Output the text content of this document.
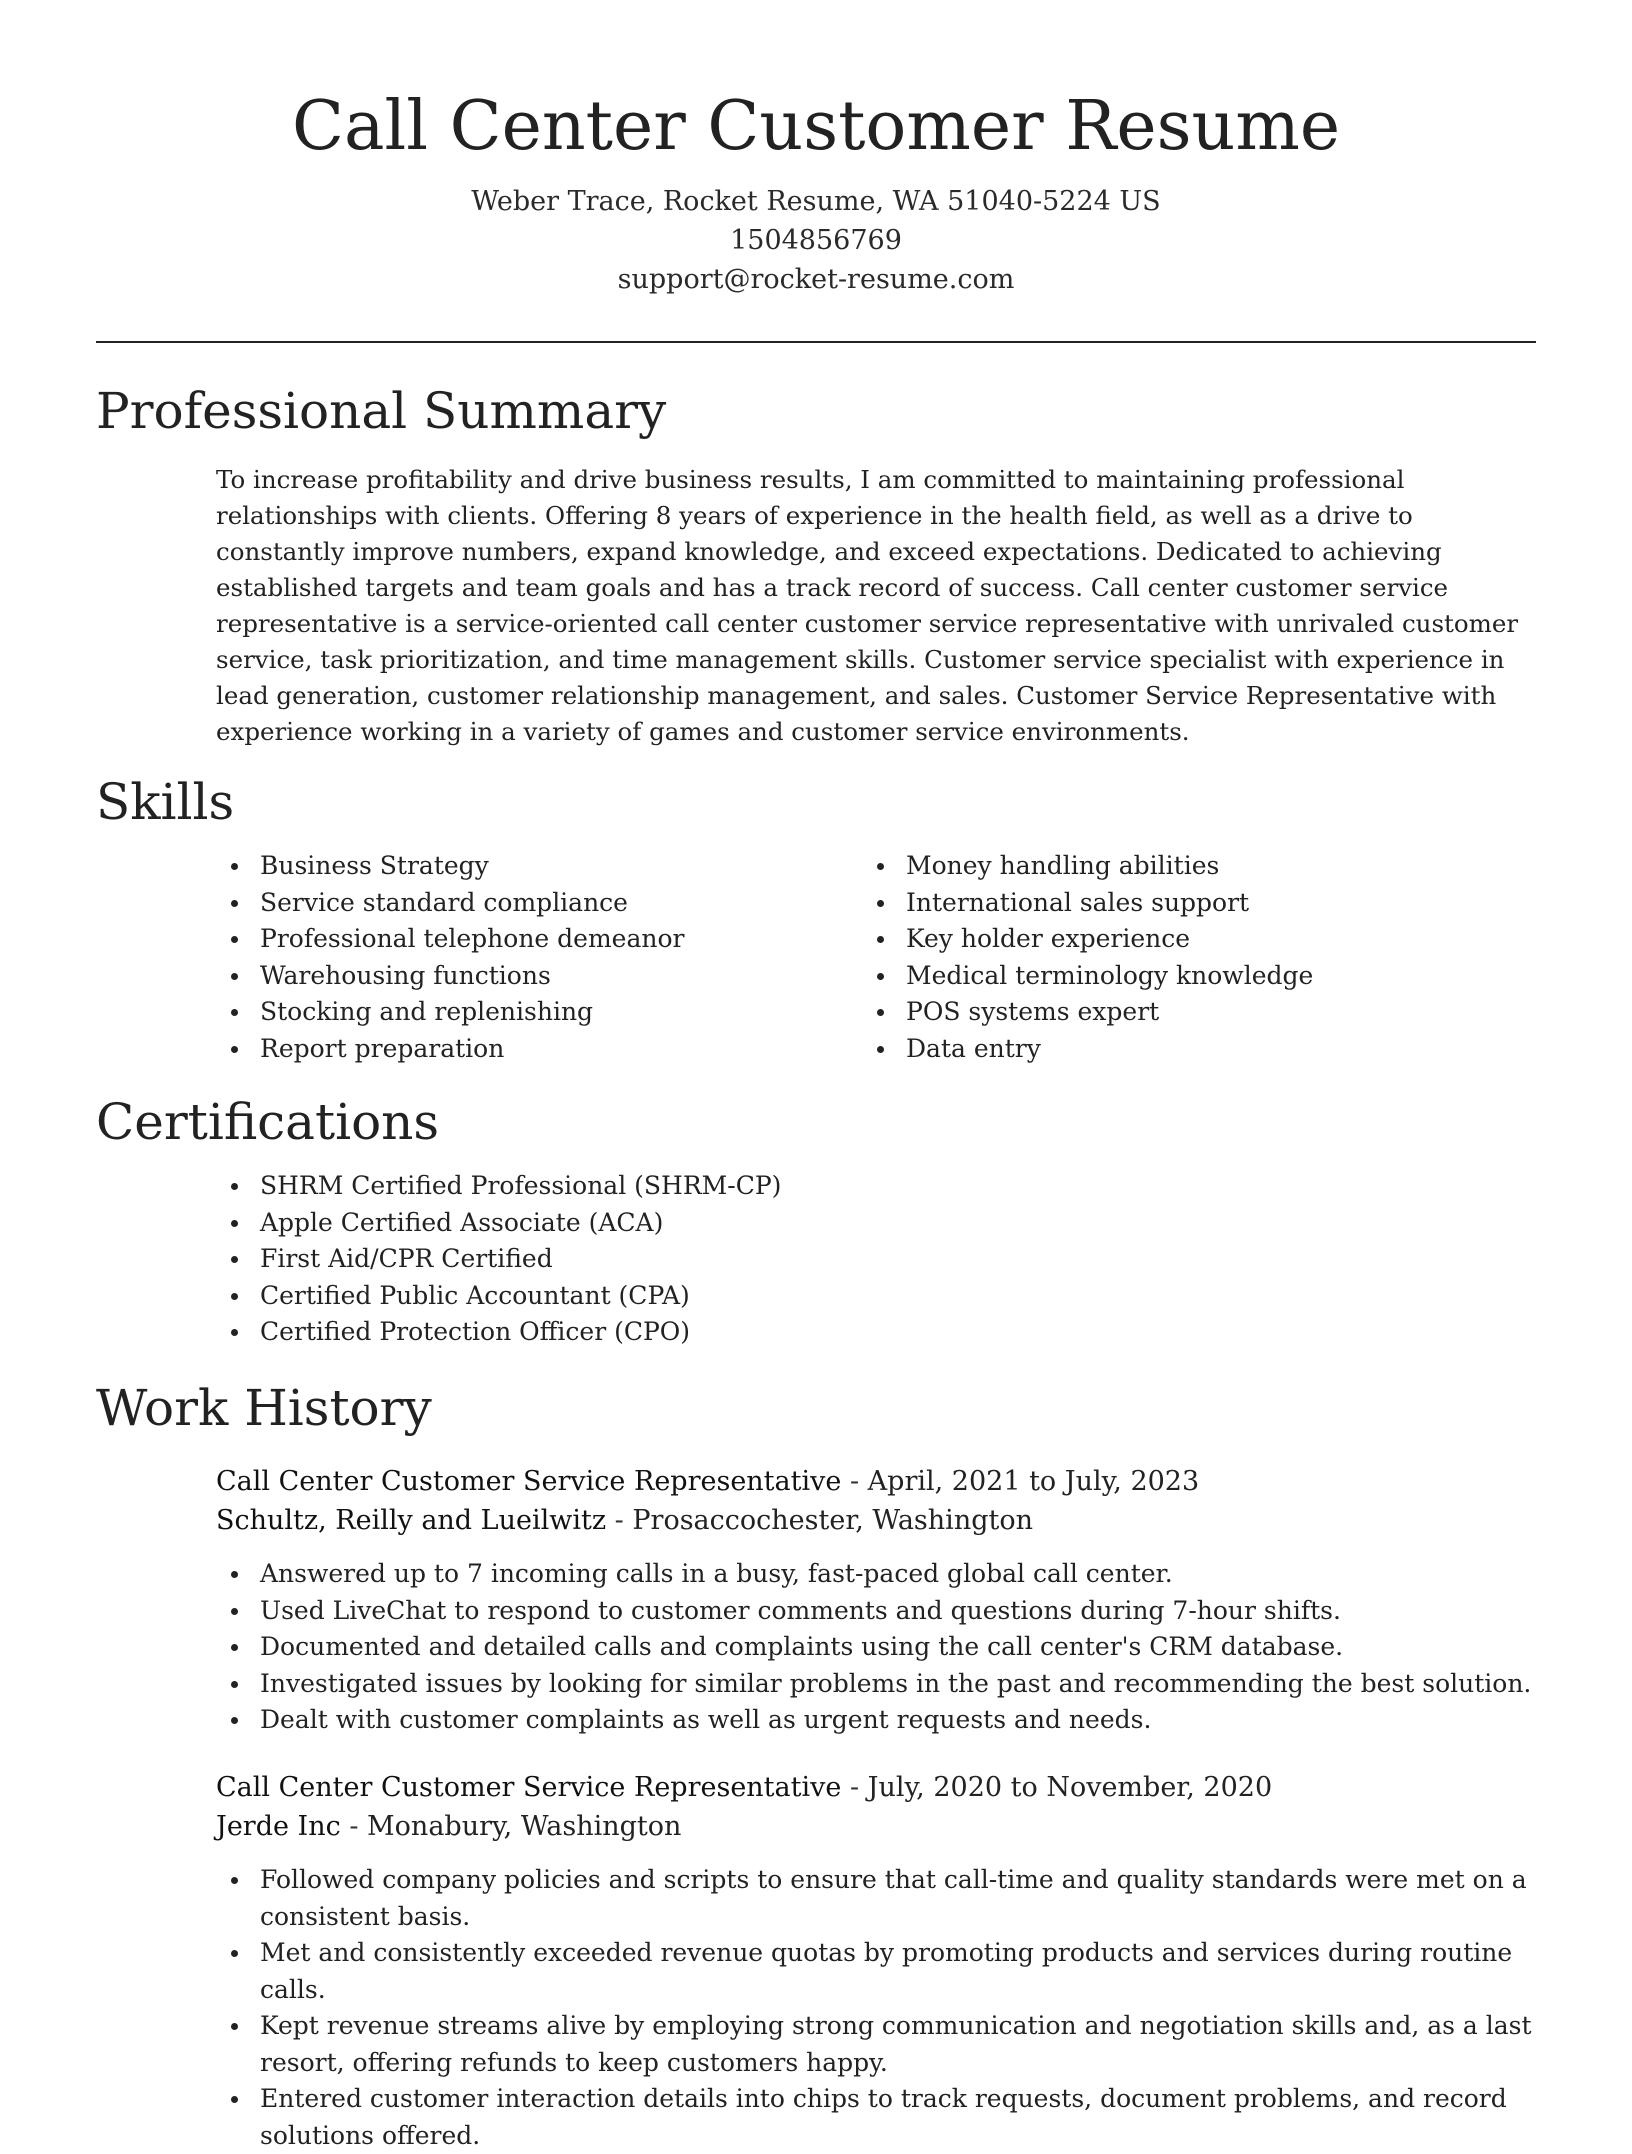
Call Center Customer Resume
Weber Trace, Rocket Resume, WA 51040-5224 US
1504856769
support@rocket-resume.com
Professional Summary

To increase profitability and drive business results, I am committed to maintaining professional relationships with clients. Offering 8 years of experience in the health field, as well as a drive to constantly improve numbers, expand knowledge, and exceed expectations. Dedicated to achieving established targets and team goals and has a track record of success. Call center customer service representative is a service-oriented call center customer service representative with unrivaled customer service, task prioritization, and time management skills. Customer service specialist with experience in lead generation, customer relationship management, and sales. Customer Service Representative with experience working in a variety of games and customer service environments.

Skills
Business Strategy
Service standard compliance
Professional telephone demeanor
Warehousing functions
Stocking and replenishing
Report preparation
Money handling abilities
International sales support
Key holder experience
Medical terminology knowledge
POS systems expert
Data entry
Certifications
SHRM Certified Professional (SHRM-CP)
Apple Certified Associate (ACA)
First Aid/CPR Certified
Certified Public Accountant (CPA)
Certified Protection Officer (CPO)
Work History
Call Center Customer Service Representative - April, 2021 to July, 2023
Schultz, Reilly and Lueilwitz - Prosaccochester, Washington
Answered up to 7 incoming calls in a busy, fast-paced global call center.
Used LiveChat to respond to customer comments and questions during 7-hour shifts.
Documented and detailed calls and complaints using the call center's CRM database.
Investigated issues by looking for similar problems in the past and recommending the best solution.
Dealt with customer complaints as well as urgent requests and needs.
Call Center Customer Service Representative - July, 2020 to November, 2020
Jerde Inc - Monabury, Washington
Followed company policies and scripts to ensure that call-time and quality standards were met on a consistent basis.
Met and consistently exceeded revenue quotas by promoting products and services during routine calls.
Kept revenue streams alive by employing strong communication and negotiation skills and, as a last resort, offering refunds to keep customers happy.
Entered customer interaction details into chips to track requests, document problems, and record solutions offered.
